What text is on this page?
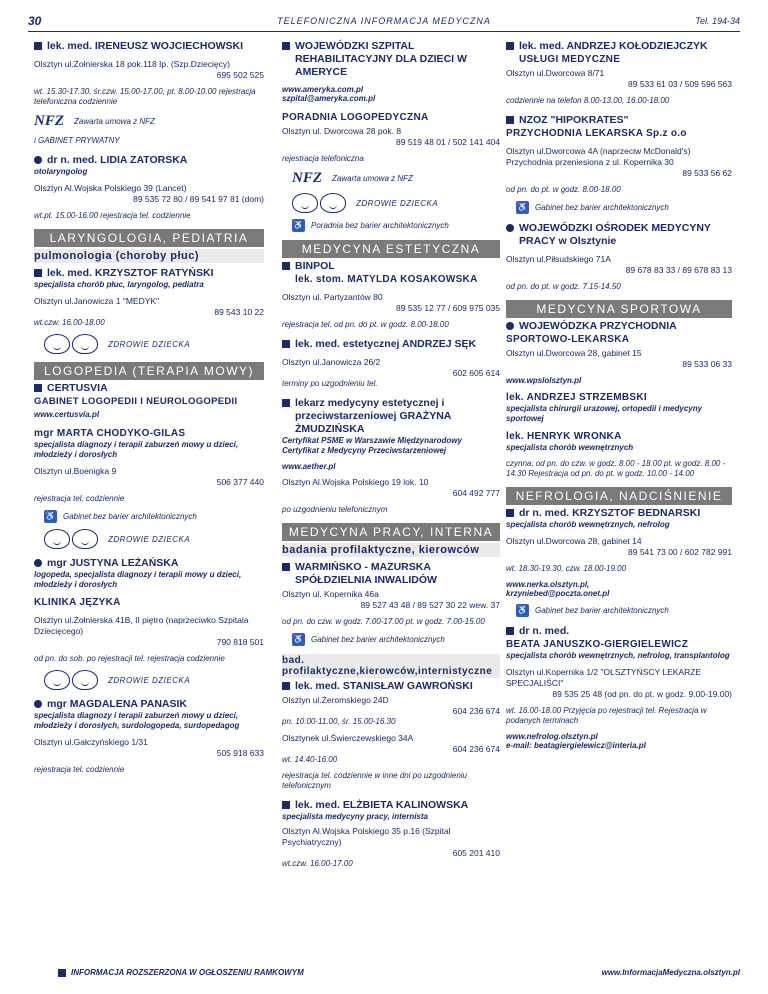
30	TELEFONICZNA INFORMACJA MEDYCZNA	Tel. 194-34
lek. med. IRENEUSZ WOJCIECHOWSKI
Olsztyn ul.Żołnierska 18 pok.118 Ip. (Szp.Dziecięcy)
695 502 525
wt. 15.30-17.30, śr.czw. 15.00-17.00, pt. 8.00-10.00 rejestracja telefoniczna codziennie
NFZ Zawarta umowa z NFZ
i GABINET PRYWATNY
dr n. med. LIDIA ZATORSKA
otolaryngolog
Olsztyn Al.Wojska Polskiego 39 (Lancet)
89 535 72 80 / 89 541 97 81 (dom)
wt.pt. 15.00-16.00 rejestracja tel. codziennie
LARYNGOLOGIA, PEDIATRIA
pulmonologia (choroby płuc)
lek. med. KRZYSZTOF RATYŃSKI
specjalista chorób płuc, laryngolog, pediatra
Olsztyn ul.Janowicza 1 "MEDYK"
89 543 10 22
wt.czw. 16.00-18.00
ZDROWIE DZIECKA
LOGOPEDIA (TERAPIA MOWY)
CERTUSVIA
GABINET LOGOPEDII I NEUROLOGOPEDII
www.certusvia.pl
mgr MARTA CHODYKO-GILAS
specjalista diagnozy i terapii zaburzeń mowy u dzieci, młodzieży i dorosłych
Olsztyn ul.Boenigka 9
506 377 440
rejestracja tel. codziennie
♿ Gabinet bez barier architektonicznych
ZDROWIE DZIECKA
mgr JUSTYNA LEŻAŃSKA
logopeda, specjalista diagnozy i terapii mowy u dzieci, młodzieży i dorosłych
KLINIKA JĘZYKA
Olsztyn ul.Żołnierska 41B, II piętro (naprzeciwko Szpitala Dziecięcego)
790 818 501
od pn. do sob. po rejestracji tel. rejestracja codziennie
ZDROWIE DZIECKA
mgr MAGDALENA PANASIK
specjalista diagnozy i terapii zaburzeń mowy u dzieci, młodzieży i dorosłych, surdologopeda, surdopedagog
Olsztyn ul.Gałczyńskiego 1/31
505 918 633
rejestracja tel. codziennie
WOJEWÓDZKI SZPITAL REHABILITACYJNY DLA DZIECI W AMERYCE
www.ameryka.com.pl
szpital@ameryka.com.pl
PORADNIA LOGOPEDYCZNA
Olsztyn ul. Dworcowa 28 pok. 8
89 519 48 01 / 502 141 404
rejestracja telefoniczna
NFZ Zawarta umowa z NFZ
ZDROWIE DZIECKA
♿ Poradnia bez barier architektonicznych
MEDYCYNA ESTETYCZNA
BINPOL
lek. stom. MATYLDA KOSAKOWSKA
Olsztyn ul. Partyzantów 80
89 535 12 77 / 609 975 035
rejestracja tel. od pn. do pt. w godz. 8.00-18.00
lek. med. estetycznej ANDRZEJ SĘK
Olsztyn ul.Janowicza 26/2
602 605 614
terminy po uzgodnieniu tel.
lekarz medycyny estetycznej i przeciwstarzeniowej GRAŻYNA ŻMUDZIŃSKA
Certyfikat PSME w Warszawie Międzynarodowy Certyfikat z Medycyny Przeciwstarzeniowej
www.aether.pl
Olsztyn Al.Wojska Polskiego 19 lok. 10
604 492 777
po uzgodnieniu telefonicznym
MEDYCYNA PRACY, INTERNA
badania profilaktyczne, kierowców
WARMIŃSKO - MAZURSKA SPÓŁDZIELNIA INWALIDÓW
Olsztyn ul. Kopernika 46a
89 527 43 48 / 89 527 30 22 wew. 37
od pn. do czw. w godz. 7.00-17.00 pt. w godz. 7.00-15.00
♿ Gabinet bez barier architektonicznych
bad. profilaktyczne,kierowców,internistyczne
lek. med. STANISŁAW GAWROŃSKI
Olsztyn ul.Żeromskiego 24D
604 236 674
pn. 10.00-11.00, śr. 15.00-16.30
Olsztynek ul.Świerczewskiego 34A
604 236 674
wt. 14.40-16.00
rejestracja tel. codziennie w inne dni po uzgodnieniu telefonicznym
lek. med. ELŻBIETA KALINOWSKA
specjalista medycyny pracy, internista
Olsztyn Al.Wojska Polskiego 35 p.16 (Szpital Psychiatryczny)
605 201 410
wt.czw. 16.00-17.00
lek. med. ANDRZEJ KOŁODZIEJCZYK
USŁUGI MEDYCZNE
Olsztyn ul.Dworcowa 8/71
89 533 61 03 / 509 596 563
codziennie na telefon 8.00-13.00, 16.00-18.00
NZOZ "HIPOKRATES"
PRZYCHODNIA LEKARSKA Sp.z o.o
Olsztyn ul.Dworcowa 4A (naprzeciw McDonald's) Przychodnia przeniesiona z ul. Kopernika 30
89 533 56 62
od pn. do pt. w godz. 8.00-18.00
♿ Gabinet bez barier architektonicznych
WOJEWÓDZKI OŚRODEK MEDYCYNY PRACY w Olsztynie
Olsztyn ul.Piłsudskiego 71A
89 678 83 33 / 89 678 83 13
od pn. do pt. w godz. 7.15-14.50
MEDYCYNA SPORTOWA
WOJEWÓDZKA PRZYCHODNIA
SPORTOWO-LEKARSKA
Olsztyn ul.Dworcowa 28, gabinet 15
89 533 06 33
www.wpslolsztyn.pl
lek. ANDRZEJ STRZEMBSKI
specjalista chirurgii urazowej, ortopedii i medycyny sportowej
lek. HENRYK WRONKA
specjalista chorób wewnętrznych
czynna: od pn. do czw. w godz. 8.00 - 18.00 pt. w godz. 8.00 - 14.30 Rejestracja od pn. do pt. w godz. 10.00 - 14.00
NEFROLOGIA, NADCIŚNIENIE
dr n. med. KRZYSZTOF BEDNARSKI
specjalista chorób wewnętrznych, nefrolog
Olsztyn ul.Dworcowa 28, gabinet 14
89 541 73 00 / 602 782 991
wt. 18.30-19.30, czw. 18.00-19.00
www.nerka.olsztyn.pl,
krzyniebed@poczta.onet.pl
♿ Gabinet bez barier architektonicznych
dr n. med.
BEATA JANUSZKO-GIERGIELEWICZ
specjalista chorób wewnętrznych, nefrolog, transplantolog
Olsztyn ul.Kopernika 1/2 "OLSZTYŃSCY LEKARZE SPECJALIŚCI"
89 535 25 48 (od pn. do pt. w godz. 9.00-19.00)
wt. 16.00-18.00 Przyjęcia po rejestracji tel. Rejestracja w podanych terminach
www.nefrolog.olsztyn.pl
e-mail: beatagiergielewicz@interia.pl
INFORMACJA ROZSZERZONA W OGŁOSZENIU RAMKOWYM	www.InformacjaMedyczna.olsztyn.pl
